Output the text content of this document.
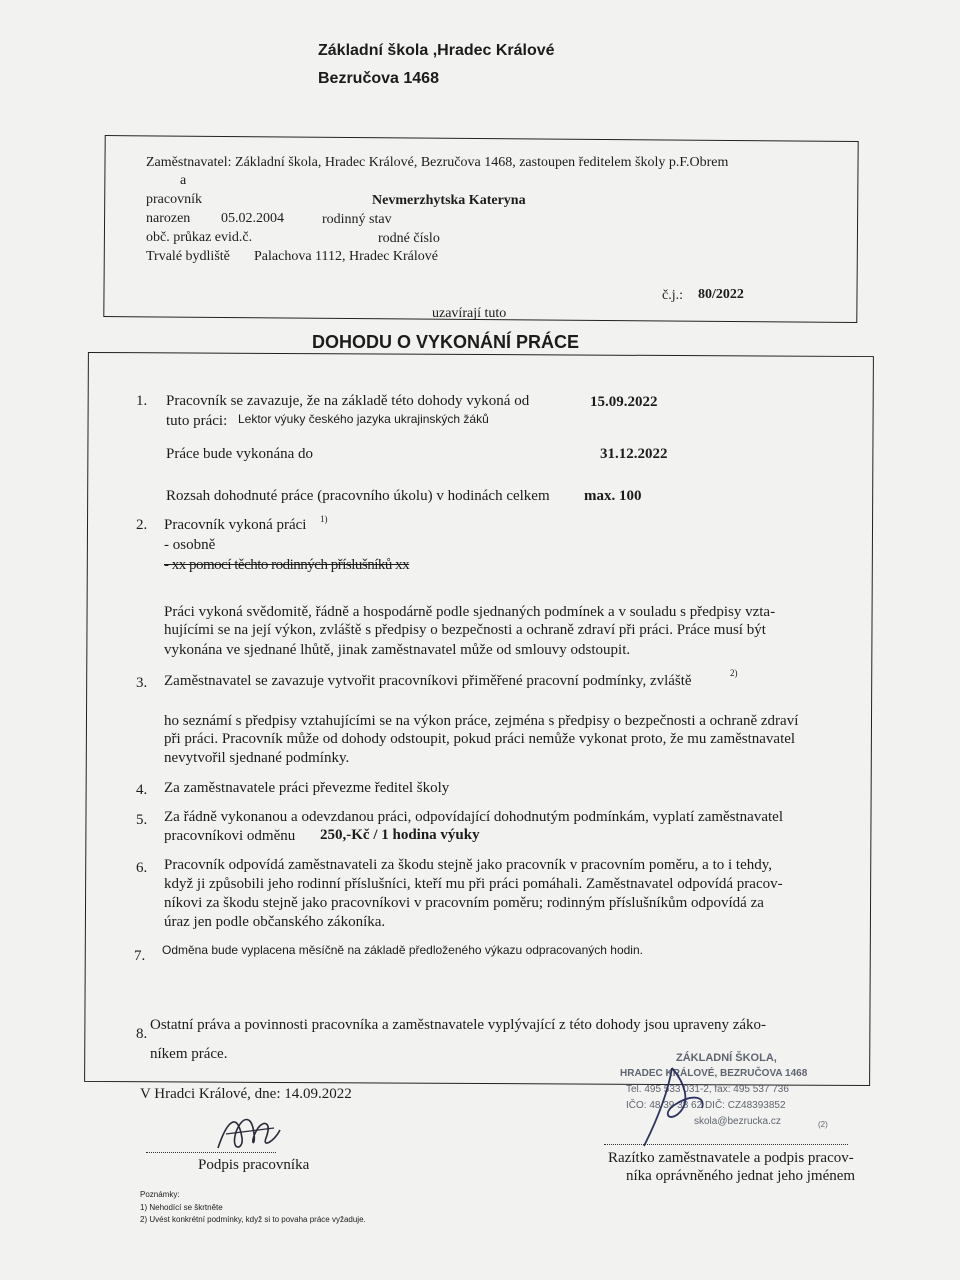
Základní škola ,Hradec Králové
Bezručova 1468
Zaměstnavatel: Základní škola, Hradec Králové, Bezručova 1468, zastoupen ředitelem školy p.F.Obrem
a
pracovník	Nevmerzhytska Kateryna
narozen 05.02.2004	rodinný stav
obč. průkaz evid.č.	rodné číslo
Trvalé bydliště Palachova 1112, Hradec Králové
č.j.: 80/2022
uzavírají tuto
DOHODU O VYKONÁNÍ PRÁCE
1. Pracovník se zavazuje, že na základě této dohody vykoná od	15.09.2022
tuto práci: Lektor výuky českého jazyka ukrajinských žáků
Práce bude vykonána do	31.12.2022
Rozsah dohodnuté práce (pracovního úkolu) v hodinách celkem max. 100
2. Pracovník vykoná práci 1)
- osobně
- xx pomocí těchto rodinných příslušníků xx
Práci vykoná svědomitě, řádně a hospodárně podle sjednaných podmínek a v souladu s předpisy vzta-
hujícími se na její výkon, zvláště s předpisy o bezpečnosti a ochraně zdraví při práci. Práce musí být
vykonána ve sjednané lhůtě, jinak zaměstnavatel může od smlouvy odstoupit.
3. Zaměstnavatel se zavazuje vytvořit pracovníkovi přiměřené pracovní podmínky, zvláště	2)
ho seznámí s předpisy vztahujícími se na výkon práce, zejména s předpisy o bezpečnosti a ochraně zdraví
při práci. Pracovník může od dohody odstoupit, pokud práci nemůže vykonat proto, že mu zaměstnavatel
nevytvořil sjednané podmínky.
4. Za zaměstnavatele práci převezme ředitel školy
5. Za řádně vykonanou a odevzdanou práci, odpovídající dohodnutým podmínkám, vyplatí zaměstnavatel
pracovníkovi odměnu 250,-Kč / 1 hodina výuky
6. Pracovník odpovídá zaměstnavateli za škodu stejně jako pracovník v pracovním poměru, a to i tehdy,
když ji způsobili jeho rodinní příslušníci, kteří mu při práci pomáhali. Zaměstnavatel odpovídá pracov-
níkovi za škodu stejně jako pracovníkovi v pracovním poměru; rodinným příslušníkům odpovídá za
úraz jen podle občanského zákoníka.
7. Odměna bude vyplacena měsíčně na základě předloženého výkazu odpracovaných hodin.
8.
Ostatní práva a povinnosti pracovníka a zaměstnavatele vyplývající z této dohody jsou upraveny záko-
níkem práce.
V Hradci Králové, dne: 14.09.2022
Podpis pracovníka
ZÁKLADNÍ ŠKOLA,
HRADEC KRÁLOVÉ, BEZRUČOVA 1468
Tel. 495 533 031-2, fax: 495 537 736
IČO: 48 39 38 62 DIČ: CZ48393852
skola@bezrucka.cz	(2)
Razítko zaměstnavatele a podpis pracov-
níka oprávněného jednat jeho jménem
Poznámky:
1) Nehodící se škrtněte
2) Uvést konkrétní podmínky, když si to povaha práce vyžaduje.
